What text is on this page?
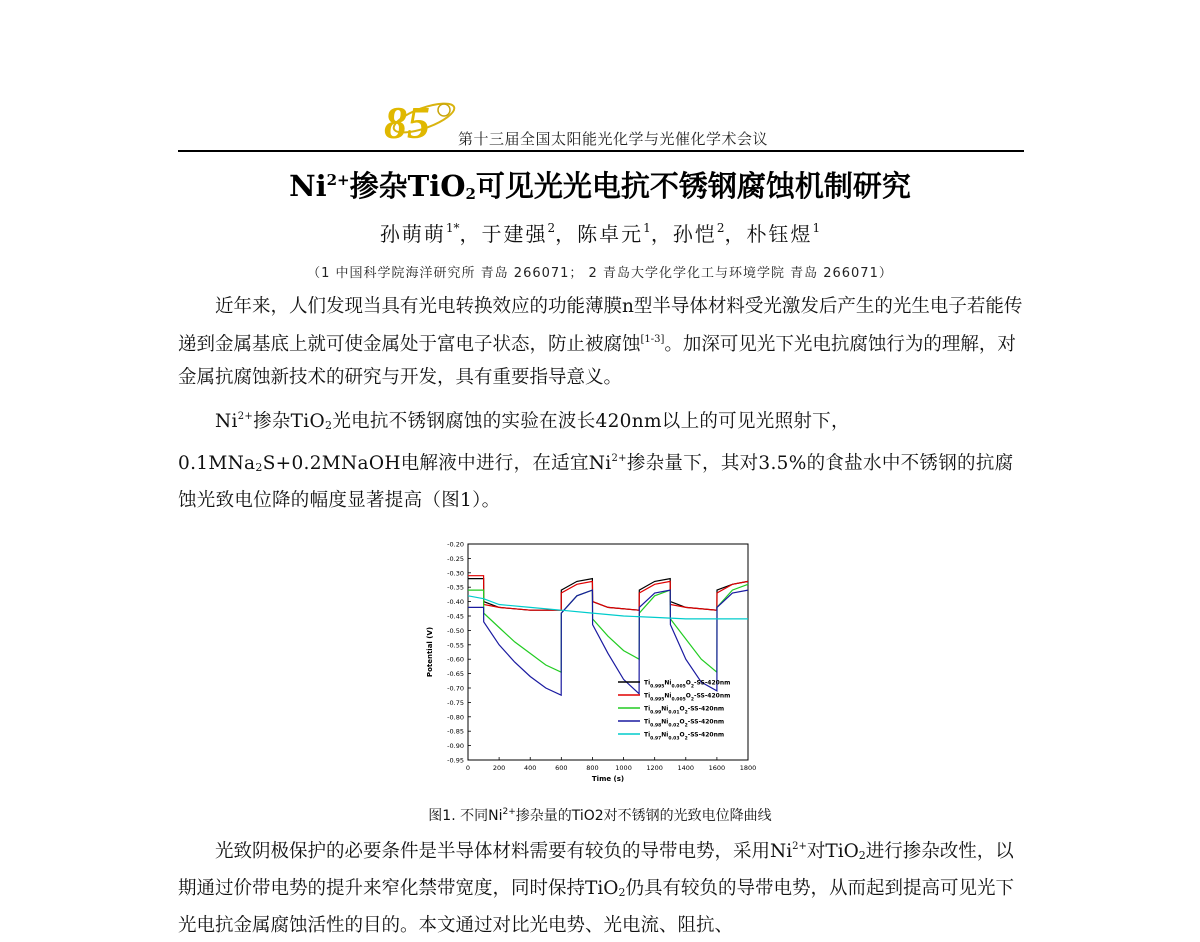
85 第十三届全国太阳能光化学与光催化学术会议
$Ni^{2+}$掺杂TiO$_2$可见光光电抗不锈钢腐蚀机制研究
孙萌萌$^{1*}$，于建强$^2$，陈卓元$^1$，孙恺$^2$，朴钰煜$^1$
（1 中国科学院海洋研究所 青岛 266071； 2 青岛大学化学化工与环境学院 青岛 266071）

近年来，人们发现当具有光电转换效应的功能薄膜n型半导体材料受光激发后产生的光生电子若能传递到金属基底上就可使金属处于富电子状态，防止被腐蚀[1-3]。加深可见光下光电抗腐蚀行为的理解，对金属抗腐蚀新技术的研究与开发，具有重要指导意义。

$Ni^{2+}$掺杂TiO$_2$光电抗不锈钢腐蚀的实验在波长420nm以上的可见光照射下，0.1MNa$_2$S+0.2MNaOH电解液中进行，在适宜$Ni^{2+}$掺杂量下，其对3.5%的食盐水中不锈钢的抗腐蚀光致电位降的幅度显著提高（图1）。

-0.20
-0.25
-0.30
-0.35
-0.40
-0.45
-0.50
-0.55
-0.60
-0.65
-0.70
-0.75
-0.80
-0.85
-0.90
-0.95
0	200	400	600	800	1000 1200 1400 1600 1800
Time (s)
Potential (V)
$Ti_{0.995}Ni_{0.005}O_2-SS-420nm$
$Ti_{0.995}Ni_{0.005}O_2-SS-420nm$
$Ti_{0.99}Ni_{0.01}O_2-SS-420nm$
$Ti_{0.98}Ni_{0.02}O_2-SS-420nm$
$Ti_{0.97}Ni_{0.03}O_2-SS-420nm$
图1. 不同$Ni^{2+}$掺杂量的TiO2对不锈钢的光致电位降曲线

光致阴极保护的必要条件是半导体材料需要有较负的导带电势，采用$Ni^{2+}$对TiO$_2$进行掺杂改性，以期通过价带电势的提升来窄化禁带宽度，同时保持TiO$_2$仍具有较负的导带电势，从而起到提高可见光下光电抗金属腐蚀活性的目的。本文通过对比光电势、光电流、阻抗、
